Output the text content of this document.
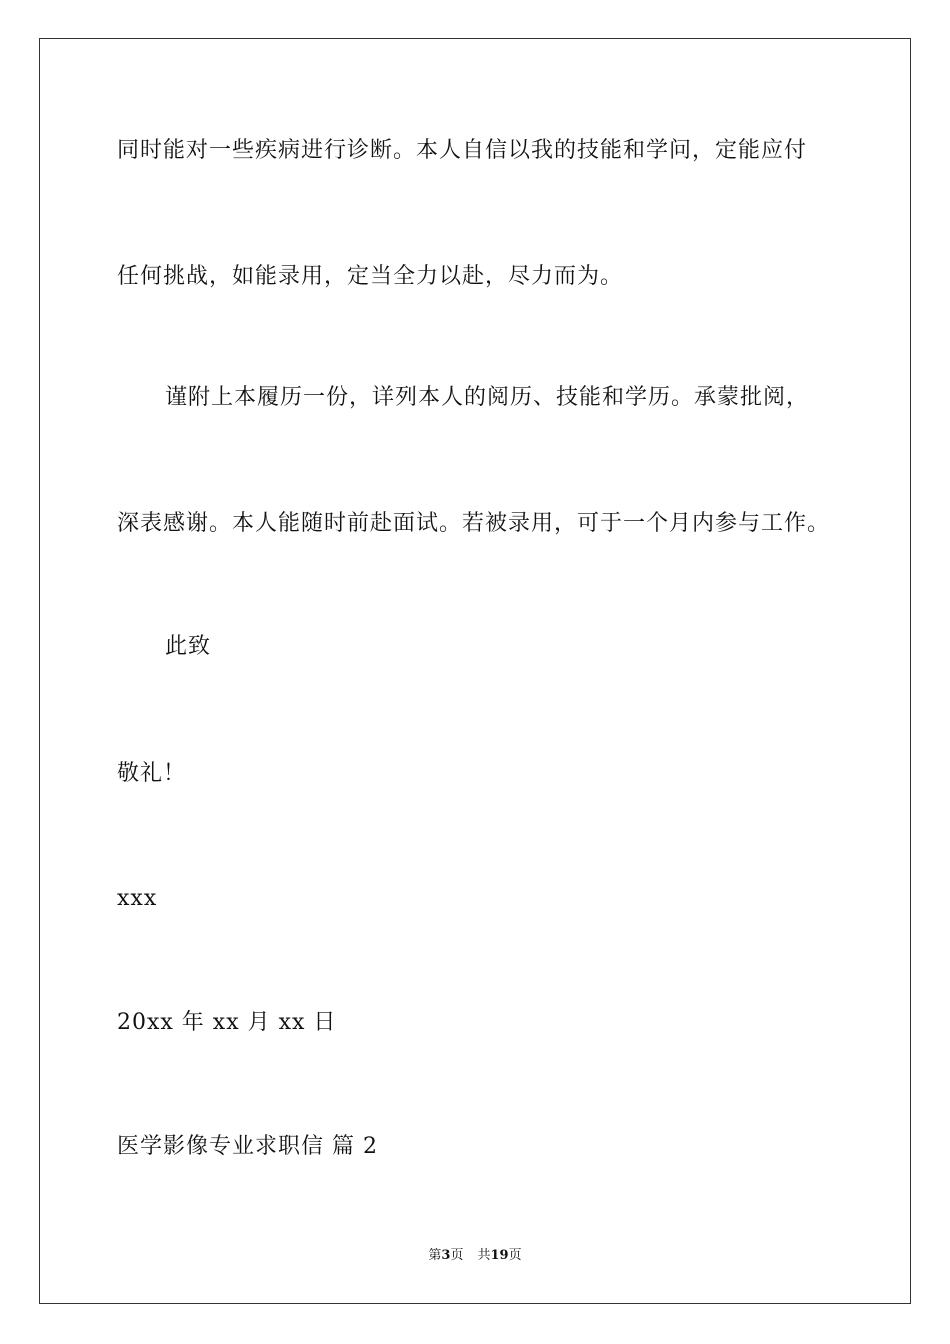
同时能对一些疾病进行诊断。本人自信以我的技能和学问，定能应付
任何挑战，如能录用，定当全力以赴，尽力而为。
谨附上本履历一份，详列本人的阅历、技能和学历。承蒙批阅，
深表感谢。本人能随时前赴面试。若被录用，可于一个月内参与工作。
此致
敬礼！
xxx
20xx 年 xx 月 xx 日
医学影像专业求职信 篇 2
第3页 共19页
